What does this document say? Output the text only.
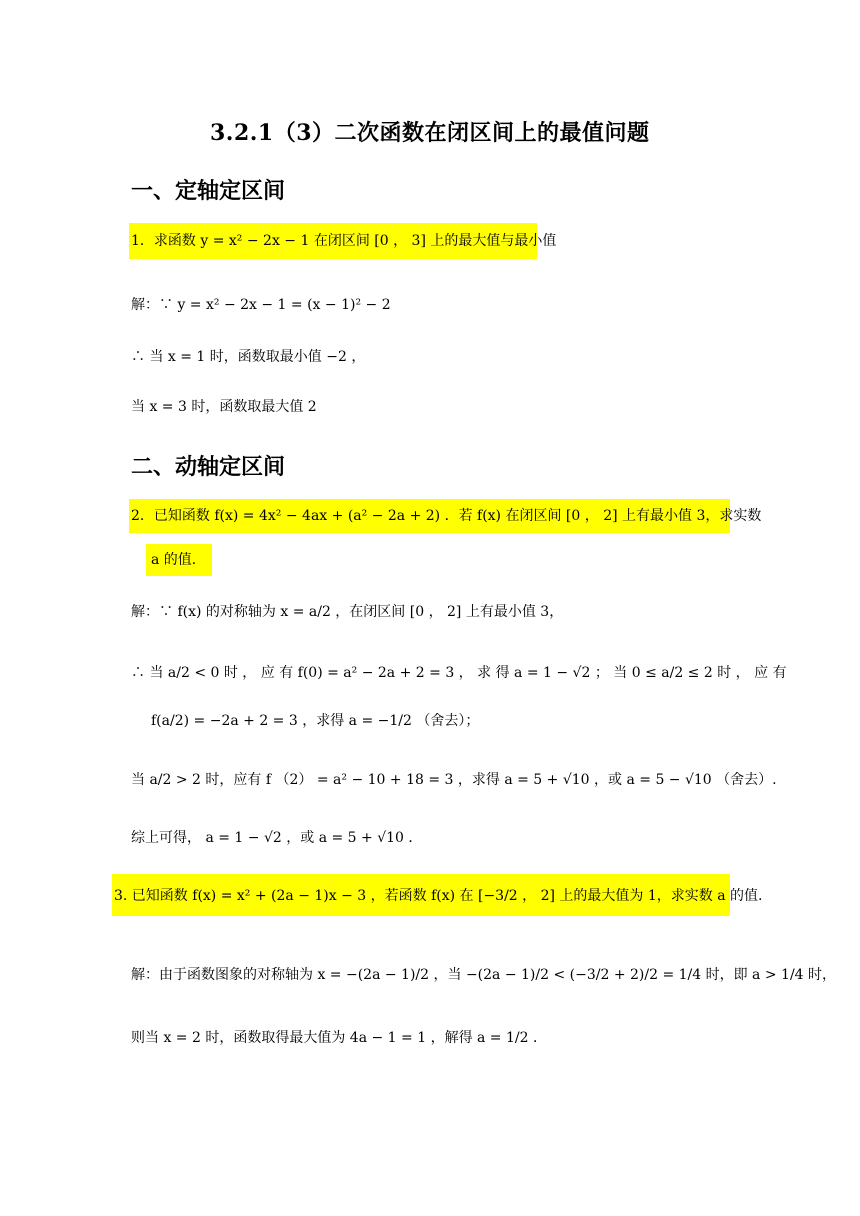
3.2.1（3）二次函数在闭区间上的最值问题
一、定轴定区间
1．求函数 y = x² − 2x − 1 在闭区间 [0 ， 3] 上的最大值与最小值
解：∵ y = x² − 2x − 1 = (x − 1)² − 2
∴ 当 x = 1 时，函数取最小值 −2 ，
当 x = 3 时，函数取最大值 2
二、动轴定区间
2．已知函数 f(x) = 4x² − 4ax + (a² − 2a + 2) ．若 f(x) 在闭区间 [0 ， 2] 上有最小值 3，求实数
a 的值．
解：∵ f(x) 的对称轴为 x = a/2 ，在闭区间 [0 ， 2] 上有最小值 3，
∴ 当 a/2 < 0 时 ， 应 有 f(0) = a² − 2a + 2 = 3 ， 求 得 a = 1 − √2 ； 当 0 ≤ a/2 ≤ 2 时 ， 应 有
f(a/2) = −2a + 2 = 3 ，求得 a = −1/2 （舍去）；
当 a/2 > 2 时，应有 f （2） = a² − 10 + 18 = 3 ，求得 a = 5 + √10 ，或 a = 5 − √10 （舍去）.
综上可得， a = 1 − √2 ，或 a = 5 + √10 ．
3. 已知函数 f(x) = x² + (2a − 1)x − 3 ，若函数 f(x) 在 [−3/2 ， 2] 上的最大值为 1，求实数 a 的值.
解：由于函数图象的对称轴为 x = −(2a − 1)/2 ，当 −(2a − 1)/2 < (−3/2 + 2)/2 = 1/4 时，即 a > 1/4 时，
则当 x = 2 时，函数取得最大值为 4a − 1 = 1 ，解得 a = 1/2 ．
